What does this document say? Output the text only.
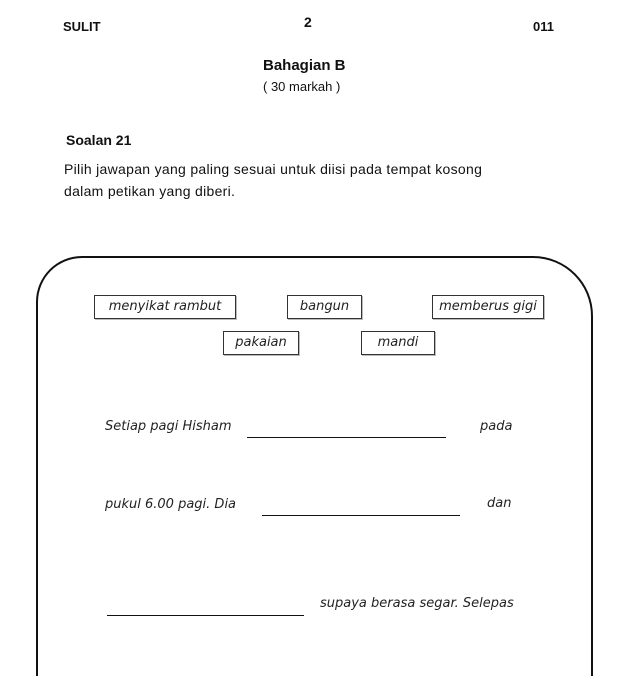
SULIT	2	011
Bahagian B
( 30 markah )
Soalan 21
Pilih jawapan yang paling sesuai untuk diisi pada tempat kosong
dalam petikan yang diberi.
menyikat rambut	bangun	memberus gigi
pakaian	mandi
Setiap pagi Hisham	pada
pukul 6.00 pagi. Dia	dan
supaya berasa segar. Selepas
